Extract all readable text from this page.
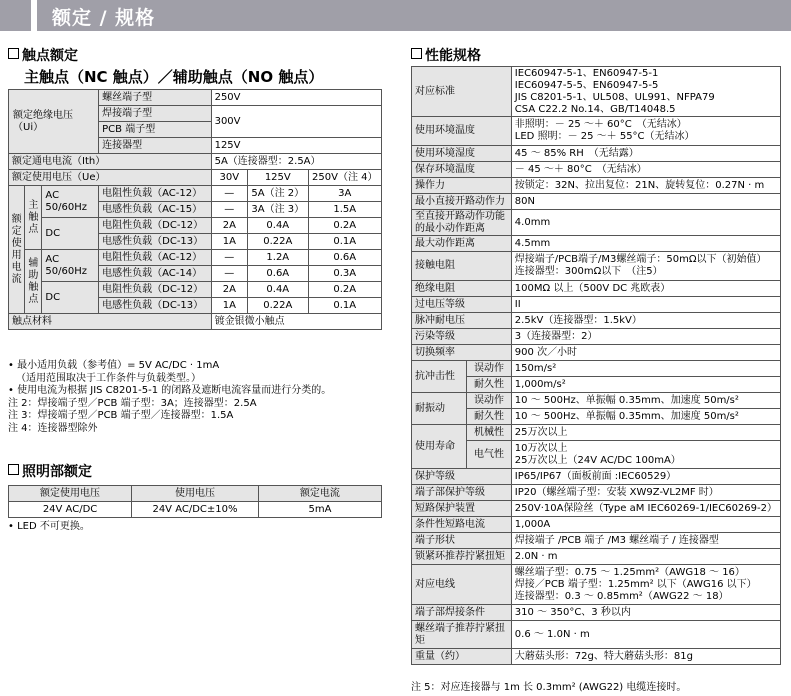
额定 / 规格
触点额定
主触点（NC 触点）／辅助触点（NO 触点）
额定绝缘电压（Ui）			螺丝端子型	250V		
			焊接端子型	300V		
			PCB 端子型			
			连接器型	125V		
额定通电电流（Ith）				5A（连接器型：2.5A）		
额定使用电压（Ue）				30V	125V	250V（注 4）
额定使用电流	主触点	AC 50/60Hz	电阻性负载（AC-12）	—	5A（注 2）	3A
			电感性负载（AC-15）	—	3A（注 3）	1.5A
		DC	电阻性负载（DC-12）	2A	0.4A	0.2A
			电感性负载（DC-13）	1A	0.22A	0.1A
	辅助触点	AC 50/60Hz	电阻性负载（AC-12）	—	1.2A	0.6A
			电感性负载（AC-14）	—	0.6A	0.3A
		DC	电阻性负载（DC-12）	2A	0.4A	0.2A
			电感性负载（DC-13）	1A	0.22A	0.1A
触点材料				镀金银微小触点		
• 最小适用负载（参考值）= 5V AC/DC · 1mA
（适用范围取决于工作条件与负载类型。）
• 使用电流为根据 JIS C8201-5-1 的闭路及遮断电流容量而进行分类的。
注 2：焊接端子型／PCB 端子型：3A；连接器型：2.5A
注 3：焊接端子型／PCB 端子型／连接器型：1.5A
注 4：连接器型除外
照明部额定
额定使用电压	使用电压	额定电流
24V AC/DC	24V AC/DC±10%	5mA
• LED 不可更换。
性能规格
对应标准		IEC60947-5-1、EN60947-5-1
IEC60947-5-5、EN60947-5-5
JIS C8201-5-1、UL508、UL991、NFPA79
CSA C22.2 No.14、GB/T14048.5

使用环境温度		非照明：－ 25 ～＋ 60°C　（无结冰）
LED 照明：－ 25 ～＋ 55°C（无结冰）

使用环境湿度		45 ～ 85% RH　（无结露）

保存环境温度		－ 45 ～＋ 80°C　（无结冰）

操作力		按锁定：32N、拉出复位：21N、旋转复位：0.27N · m

最小直接开路动作力		80N

至直接开路动作功能的最小动作距离		4.0mm

最大动作距离		4.5mm

接触电阻		焊接端子/PCB端子/M3螺丝端子：50mΩ以下（初始值）
连接器型：300mΩ以下　（注5）

绝缘电阻		100MΩ 以上（500V DC 兆欧表）

过电压等级		II

脉冲耐电压		2.5kV（连接器型：1.5kV）

污染等级		3（连接器型：2）

切换频率		900 次／小时

抗冲击性	误动作	150m/s²
	耐久性	1,000m/s²
耐振动	误动作	10 ～ 500Hz、单振幅 0.35mm、加速度 50m/s²
	耐久性	10 ～ 500Hz、单振幅 0.35mm、加速度 50m/s²
使用寿命	机械性	25万次以上

	电气性	10万次以上
25万次以上（24V AC/DC 100mA）

保护等级		IP65/IP67（面板前面 :IEC60529）

端子部保护等级		IP20（螺丝端子型：安装 XW9Z-VL2MF 时）

短路保护装置		250V·10A保险丝（Type aM IEC60269-1/IEC60269-2）

条件性短路电流		1,000A

端子形状		焊接端子 /PCB 端子 /M3 螺丝端子 / 连接器型

锁紧环推荐拧紧扭矩		2.0N · m

对应电线		螺丝端子型：0.75 ～ 1.25mm²（AWG18 ～ 16）
焊接／PCB 端子型：1.25mm² 以下（AWG16 以下）
连接器型：0.3 ～ 0.85mm²（AWG22 ～ 18）

端子部焊接条件		310 ～ 350°C、3 秒以内

螺丝端子推荐拧紧扭矩		0.6 ～ 1.0N · m

重量（约）		大蘑菇头形：72g、特大蘑菇头形：81g
注 5：对应连接器与 1m 长 0.3mm² (AWG22) 电缆连接时。
